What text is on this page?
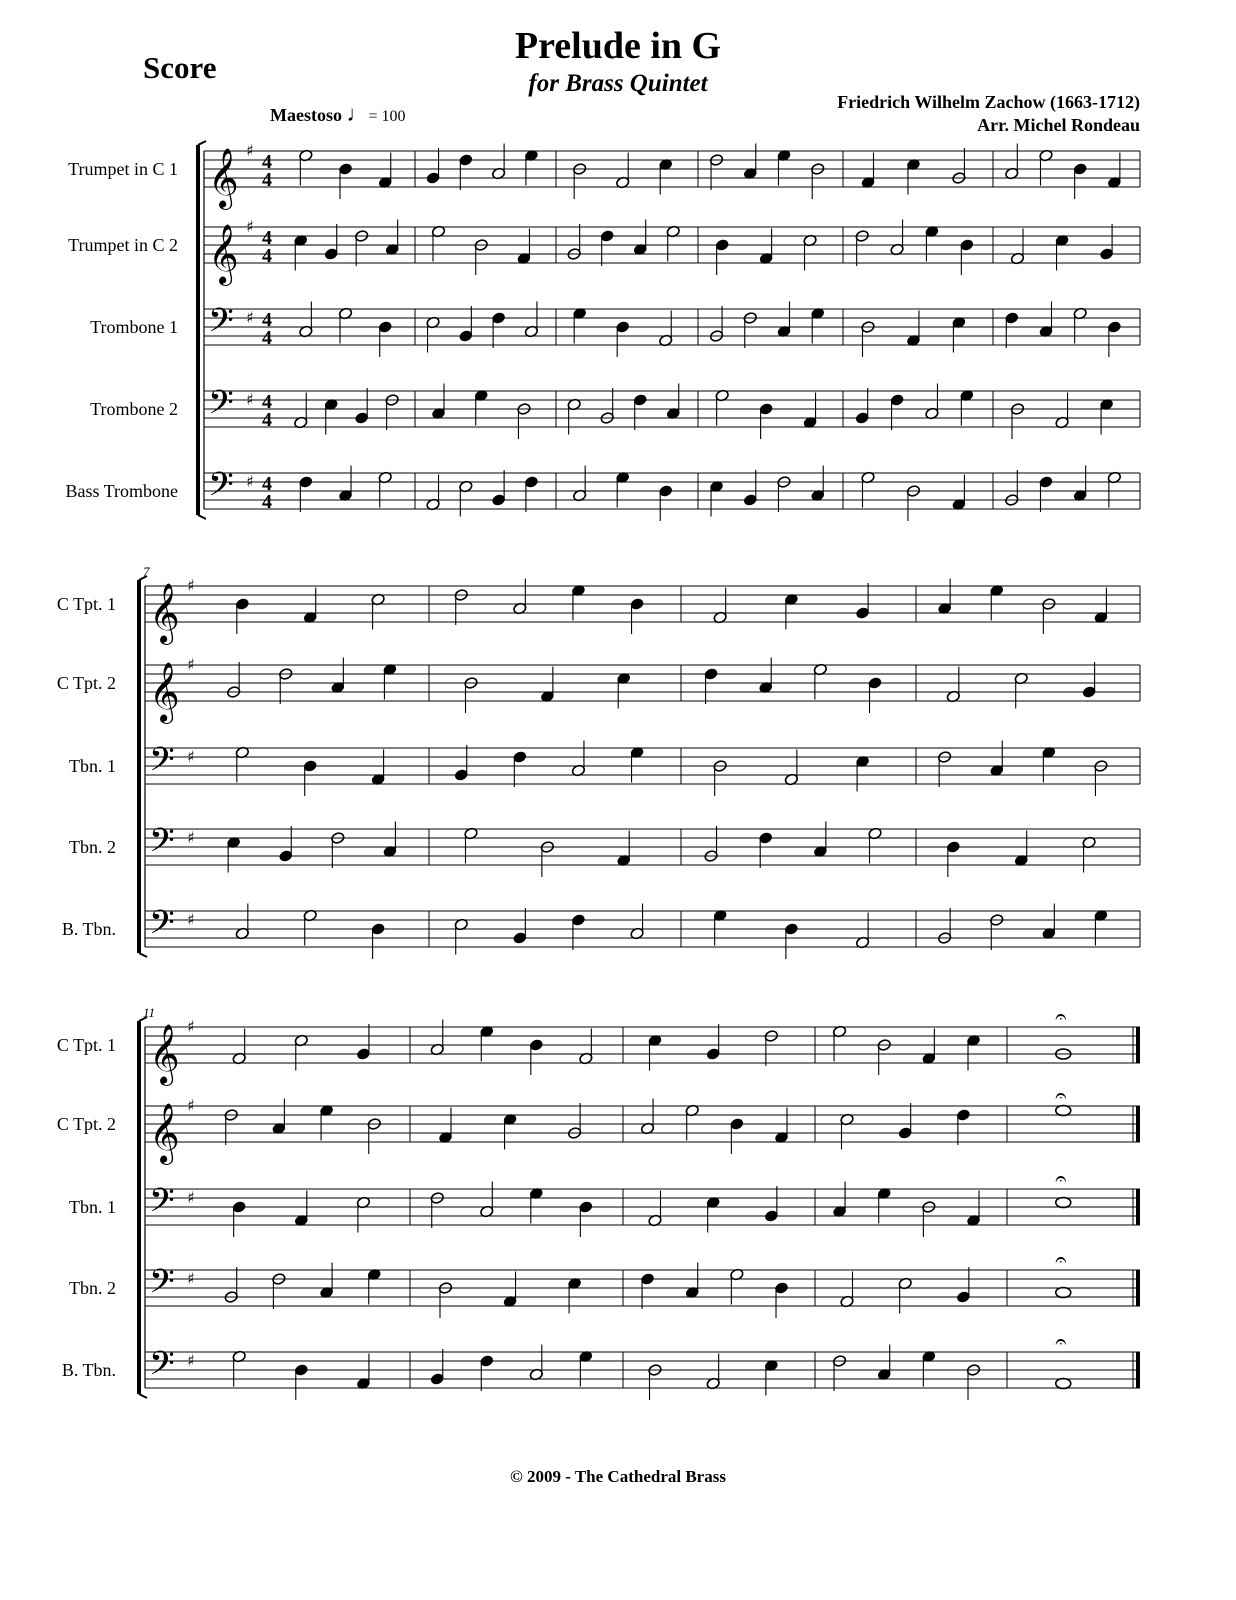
Score
Prelude in G
for Brass Quintet
Friedrich Wilhelm Zachow (1663-1712)
Arr. Michel Rondeau
Maestoso ♩= 100
Trumpet in C 1 𝄞 ♯
4
4
Trumpet in C 2 𝄞 ♯
4
4
Trombone 1 𝄢 ♯ 4
4
Trombone 2 𝄢 ♯ 4
4
Bass Trombone 𝄢 ♯ 4
4
7
C Tpt. 1 𝄞 ♯
C Tpt. 2 𝄞 ♯
Tbn. 1 𝄢 ♯
Tbn. 2 𝄢 ♯
B. Tbn. 𝄢 ♯
11
C Tpt. 1 𝄞 ♯	𝄐
C Tpt. 2 𝄞 ♯	𝄐
Tbn. 1 𝄢 ♯
𝄐
Tbn. 2 𝄢 ♯
𝄐
B. Tbn. 𝄢 ♯
𝄐
© 2009 - The Cathedral Brass
